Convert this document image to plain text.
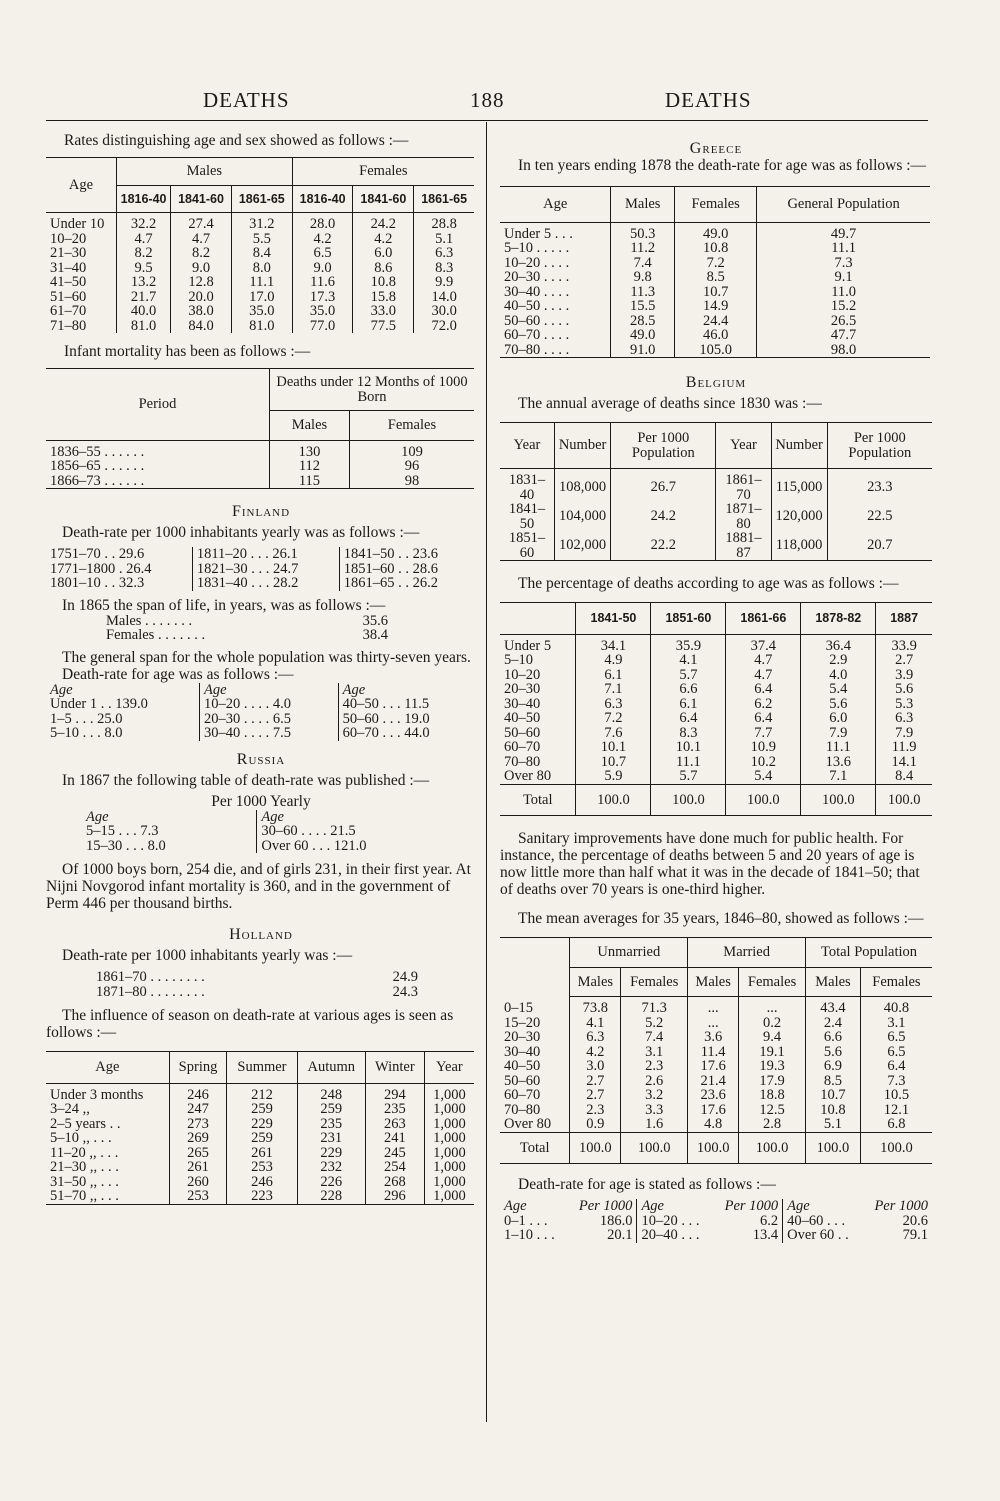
DEATHS	188	DEATHS

Rates distinguishing age and sex showed as follows :—

Age	Males			Females		
	1816-40	1841-60	1861-65	1816-40	1841-60	1861-65
Under 10	32.2	27.4	31.2	28.0	24.2	28.8
10–20	4.7	4.7	5.5	4.2	4.2	5.1
21–30	8.2	8.2	8.4	6.5	6.0	6.3
31–40	9.5	9.0	8.0	9.0	8.6	8.3
41–50	13.2	12.8	11.1	11.6	10.8	9.9
51–60	21.7	20.0	17.0	17.3	15.8	14.0
61–70	40.0	38.0	35.0	35.0	33.0	30.0
71–80	81.0	84.0	81.0	77.0	77.5	72.0

Infant mortality has been as follows :—

Period	Deaths under 12 Months of 1000 Born	
	Males	Females
1836–55 . . . . . .	130	109
1856–65 . . . . . .	112	96
1866–73 . . . . . .	115	98
Finland

Death-rate per 1000 inhabitants yearly was as follows :—

1751–70 . . 29.6	1811–20 . . . 26.1	1841–50 . . 23.6
1771–1800 . 26.4	1821–30 . . . 24.7	1851–60 . . 28.6
1801–10 . . 32.3	1831–40 . . . 28.2	1861–65 . . 26.2

In 1865 the span of life, in years, was as follows :—

Males . . . . . . .	35.6
Females . . . . . . .	38.4

The general span for the whole population was thirty-seven years.

Death-rate for age was as follows :—

Age	Age	Age
Under 1 . . 139.0	10–20 . . . . 4.0	40–50 . . . 11.5
1–5 . . . 25.0	20–30 . . . . 6.5	50–60 . . . 19.0
5–10 . . . 8.0	30–40 . . . . 7.5	60–70 . . . 44.0
Russia

In 1867 the following table of death-rate was published :—

Per 1000 Yearly
Age	Age
5–15 . . . 7.3	30–60 . . . . 21.5
15–30 . . . 8.0	Over 60 . . . 121.0

Of 1000 boys born, 254 die, and of girls 231, in their first year. At Nijni Novgorod infant mortality is 360, and in the government of Perm 446 per thousand births.

Holland

Death-rate per 1000 inhabitants yearly was :—

1861–70 . . . . . . . .	24.9
1871–80 . . . . . . . .	24.3

The influence of season on death-rate at various ages is seen as follows :—

Age	Spring	Summer	Autumn	Winter	Year
Under 3 months	246	212	248	294	1,000
3–24 ,,	247	259	259	235	1,000
2–5 years . .	273	229	235	263	1,000
5–10 ,, . . .	269	259	231	241	1,000
11–20 ,, . . .	265	261	229	245	1,000
21–30 ,, . . .	261	253	232	254	1,000
31–50 ,, . . .	260	246	226	268	1,000
51–70 ,, . . .	253	223	228	296	1,000
Greece

In ten years ending 1878 the death-rate for age was as follows :—

Age	Males	Females	General Population
Under 5 . . .	50.3	49.0	49.7
5–10 . . . . .	11.2	10.8	11.1
10–20 . . . .	7.4	7.2	7.3
20–30 . . . .	9.8	8.5	9.1
30–40 . . . .	11.3	10.7	11.0
40–50 . . . .	15.5	14.9	15.2
50–60 . . . .	28.5	24.4	26.5
60–70 . . . .	49.0	46.0	47.7
70–80 . . . .	91.0	105.0	98.0
Belgium

The annual average of deaths since 1830 was :—

Year	Number	Per 1000 Population	Year	Number	Per 1000 Population
1831–40	108,000	26.7	1861–70	115,000	23.3
1841–50	104,000	24.2	1871–80	120,000	22.5
1851–60	102,000	22.2	1881–87	118,000	20.7

The percentage of deaths according to age was as follows :—

	1841-50	1851-60	1861-66	1878-82	1887
Under 5	34.1	35.9	37.4	36.4	33.9
5–10	4.9	4.1	4.7	2.9	2.7
10–20	6.1	5.7	4.7	4.0	3.9
20–30	7.1	6.6	6.4	5.4	5.6
30–40	6.3	6.1	6.2	5.6	5.3
40–50	7.2	6.4	6.4	6.0	6.3
50–60	7.6	8.3	7.7	7.9	7.9
60–70	10.1	10.1	10.9	11.1	11.9
70–80	10.7	11.1	10.2	13.6	14.1
Over 80	5.9	5.7	5.4	7.1	8.4
Total	100.0	100.0	100.0	100.0	100.0

Sanitary improvements have done much for public health. For instance, the percentage of deaths between 5 and 20 years of age is now little more than half what it was in the decade of 1841–50; that of deaths over 70 years is one-third higher.

The mean averages for 35 years, 1846–80, showed as follows :—

	Unmarried		Married		Total Population	
	Males	Females	Males	Females	Males	Females
0–15	73.8	71.3	...	...	43.4	40.8
15–20	4.1	5.2	...	0.2	2.4	3.1
20–30	6.3	7.4	3.6	9.4	6.6	6.5
30–40	4.2	3.1	11.4	19.1	5.6	6.5
40–50	3.0	2.3	17.6	19.3	6.9	6.4
50–60	2.7	2.6	21.4	17.9	8.5	7.3
60–70	2.7	3.2	23.6	18.8	10.7	10.5
70–80	2.3	3.3	17.6	12.5	10.8	12.1
Over 80	0.9	1.6	4.8	2.8	5.1	6.8
Total	100.0	100.0	100.0	100.0	100.0	100.0

Death-rate for age is stated as follows :—

Age	Per 1000	Age	Per 1000	Age	Per 1000
0–1 . . .	186.0	10–20 . . .	6.2	40–60 . . .	20.6
1–10 . . .	20.1	20–40 . . .	13.4	Over 60 . .	79.1
